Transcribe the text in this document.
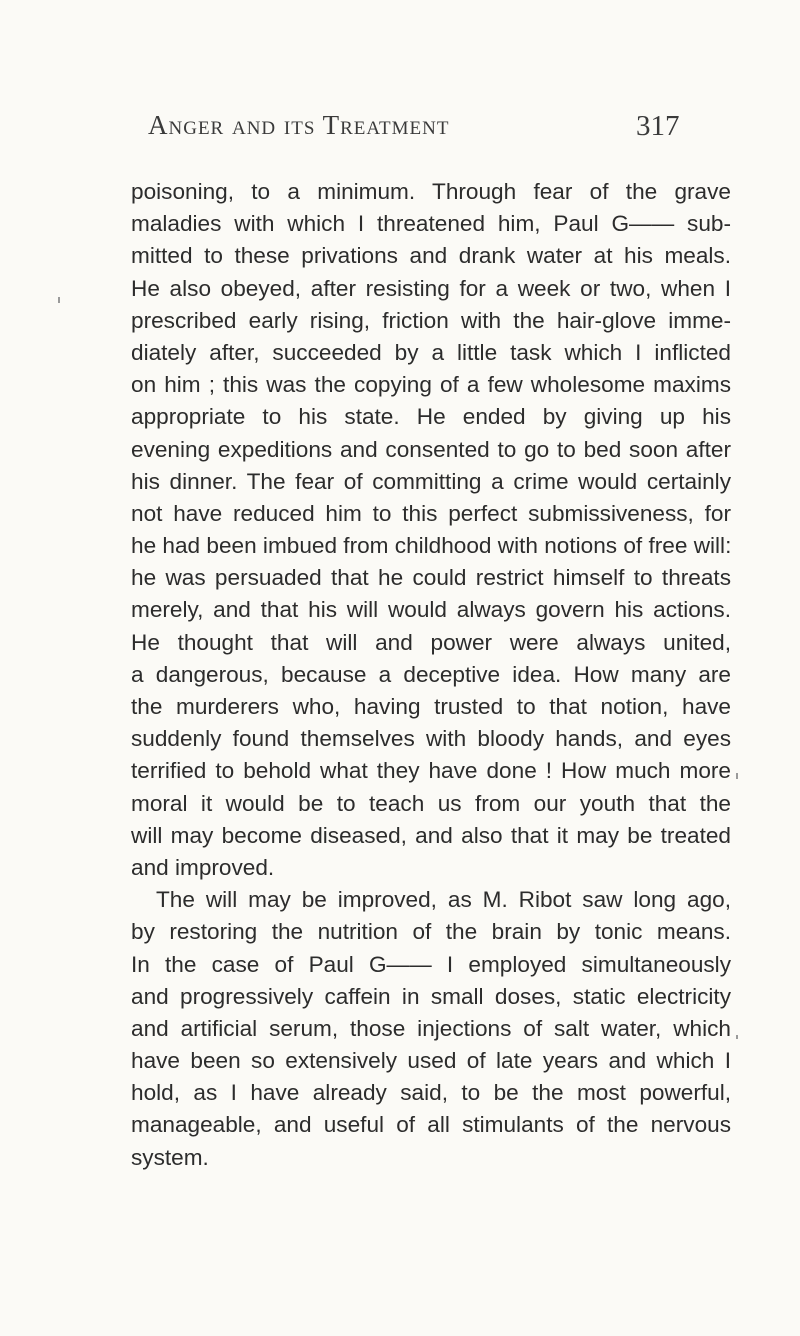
Anger and its Treatment	317
poisoning, to a minimum. Through fear of the grave
maladies with which I threatened him, Paul G—— sub-
mitted to these privations and drank water at his meals.
He also obeyed, after resisting for a week or two, when I
prescribed early rising, friction with the hair-glove imme-
diately after, succeeded by a little task which I inflicted
on him ; this was the copying of a few wholesome maxims
appropriate to his state. He ended by giving up his
evening expeditions and consented to go to bed soon after
his dinner. The fear of committing a crime would certainly
not have reduced him to this perfect submissiveness, for
he had been imbued from childhood with notions of free will:
he was persuaded that he could restrict himself to threats
merely, and that his will would always govern his actions.
He thought that will and power were always united,
a dangerous, because a deceptive idea. How many are
the murderers who, having trusted to that notion, have
suddenly found themselves with bloody hands, and eyes
terrified to behold what they have done ! How much more
moral it would be to teach us from our youth that the
will may become diseased, and also that it may be treated
and improved.
The will may be improved, as M. Ribot saw long ago,
by restoring the nutrition of the brain by tonic means.
In the case of Paul G—— I employed simultaneously
and progressively caffein in small doses, static electricity
and artificial serum, those injections of salt water, which
have been so extensively used of late years and which I
hold, as I have already said, to be the most powerful,
manageable, and useful of all stimulants of the nervous
system.
